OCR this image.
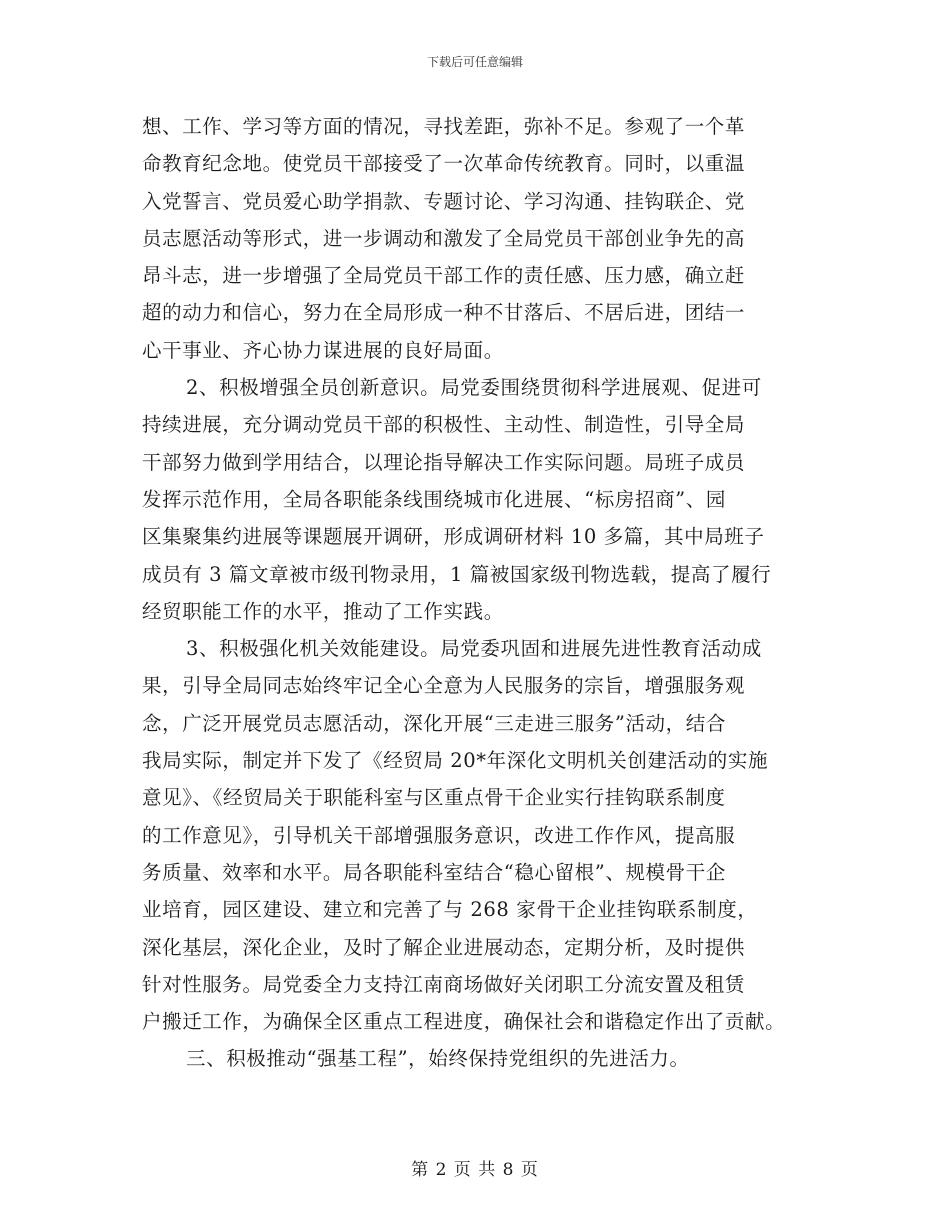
下载后可任意编辑
想、工作、学习等方面的情况，寻找差距，弥补不足。参观了一个革
命教育纪念地。使党员干部接受了一次革命传统教育。同时，以重温
入党誓言、党员爱心助学捐款、专题讨论、学习沟通、挂钩联企、党
员志愿活动等形式，进一步调动和激发了全局党员干部创业争先的高
昂斗志，进一步增强了全局党员干部工作的责任感、压力感，确立赶
超的动力和信心，努力在全局形成一种不甘落后、不居后进，团结一
心干事业、齐心协力谋进展的良好局面。
2、积极增强全员创新意识。局党委围绕贯彻科学进展观、促进可
持续进展，充分调动党员干部的积极性、主动性、制造性，引导全局
干部努力做到学用结合，以理论指导解决工作实际问题。局班子成员
发挥示范作用，全局各职能条线围绕城市化进展、“标房招商”、园
区集聚集约进展等课题展开调研，形成调研材料 10 多篇，其中局班子
成员有 3 篇文章被市级刊物录用，1 篇被国家级刊物选载，提高了履行
经贸职能工作的水平，推动了工作实践。
3、积极强化机关效能建设。局党委巩固和进展先进性教育活动成
果，引导全局同志始终牢记全心全意为人民服务的宗旨，增强服务观
念，广泛开展党员志愿活动，深化开展“三走进三服务”活动，结合
我局实际，制定并下发了《经贸局 20*年深化文明机关创建活动的实施
意见》、《经贸局关于职能科室与区重点骨干企业实行挂钩联系制度
的工作意见》，引导机关干部增强服务意识，改进工作作风，提高服
务质量、效率和水平。局各职能科室结合“稳心留根”、规模骨干企
业培育，园区建设、建立和完善了与 268 家骨干企业挂钩联系制度，
深化基层，深化企业，及时了解企业进展动态，定期分析，及时提供
针对性服务。局党委全力支持江南商场做好关闭职工分流安置及租赁
户搬迁工作，为确保全区重点工程进度，确保社会和谐稳定作出了贡献。
三、积极推动“强基工程”，始终保持党组织的先进活力。
第 2 页 共 8 页
